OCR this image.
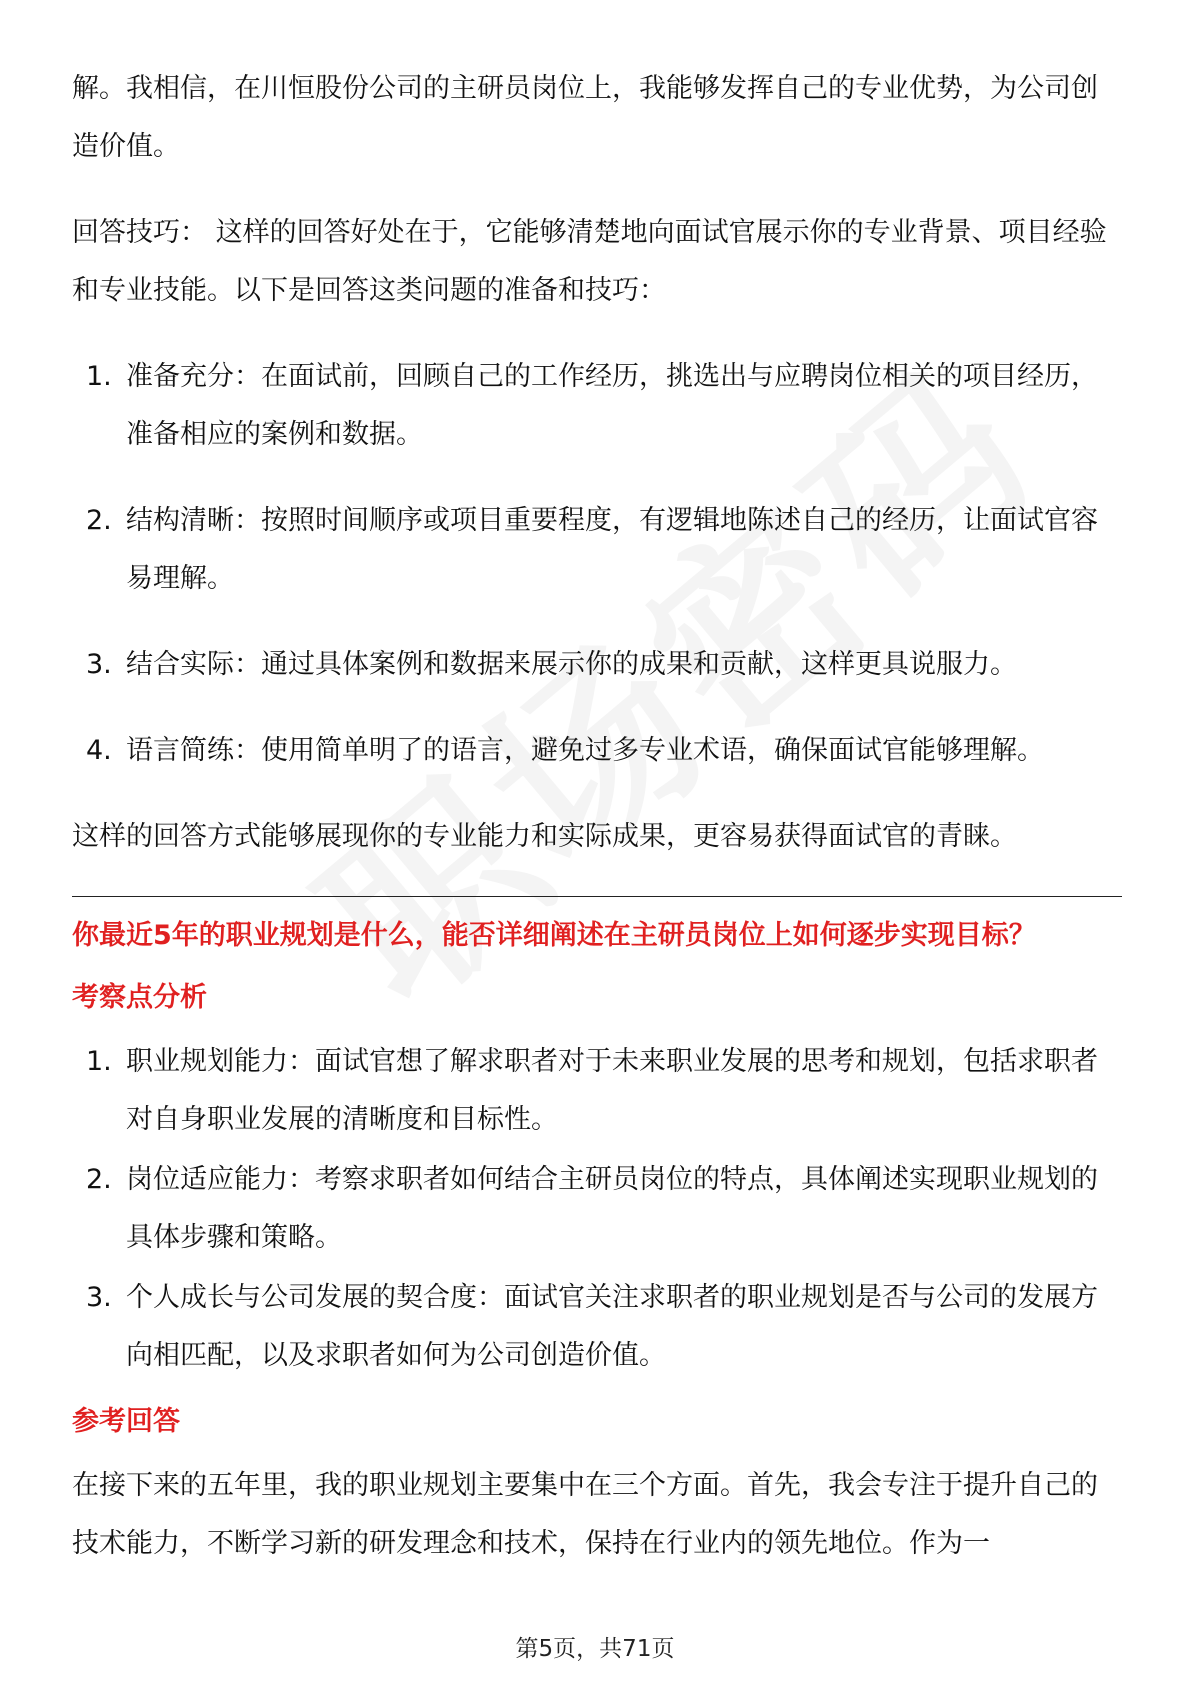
解。我相信，在川恒股份公司的主研员岗位上，我能够发挥自己的专业优势，为公司创造价值。

回答技巧： 这样的回答好处在于，它能够清楚地向面试官展示你的专业背景、项目经验和专业技能。以下是回答这类问题的准备和技巧：

1. 准备充分：在面试前，回顾自己的工作经历，挑选出与应聘岗位相关的项目经历，准备相应的案例和数据。
2. 结构清晰：按照时间顺序或项目重要程度，有逻辑地陈述自己的经历，让面试官容易理解。
3. 结合实际：通过具体案例和数据来展示你的成果和贡献，这样更具说服力。
4. 语言简练：使用简单明了的语言，避免过多专业术语，确保面试官能够理解。

这样的回答方式能够展现你的专业能力和实际成果，更容易获得面试官的青睐。

你最近5年的职业规划是什么，能否详细阐述在主研员岗位上如何逐步实现目标？
考察点分析
1. 职业规划能力：面试官想了解求职者对于未来职业发展的思考和规划，包括求职者对自身职业发展的清晰度和目标性。
2. 岗位适应能力：考察求职者如何结合主研员岗位的特点，具体阐述实现职业规划的具体步骤和策略。
3. 个人成长与公司发展的契合度：面试官关注求职者的职业规划是否与公司的发展方向相匹配，以及求职者如何为公司创造价值。
参考回答

在接下来的五年里，我的职业规划主要集中在三个方面。首先，我会专注于提升自己的技术能力，不断学习新的研发理念和技术，保持在行业内的领先地位。作为一

第5页，共71页
